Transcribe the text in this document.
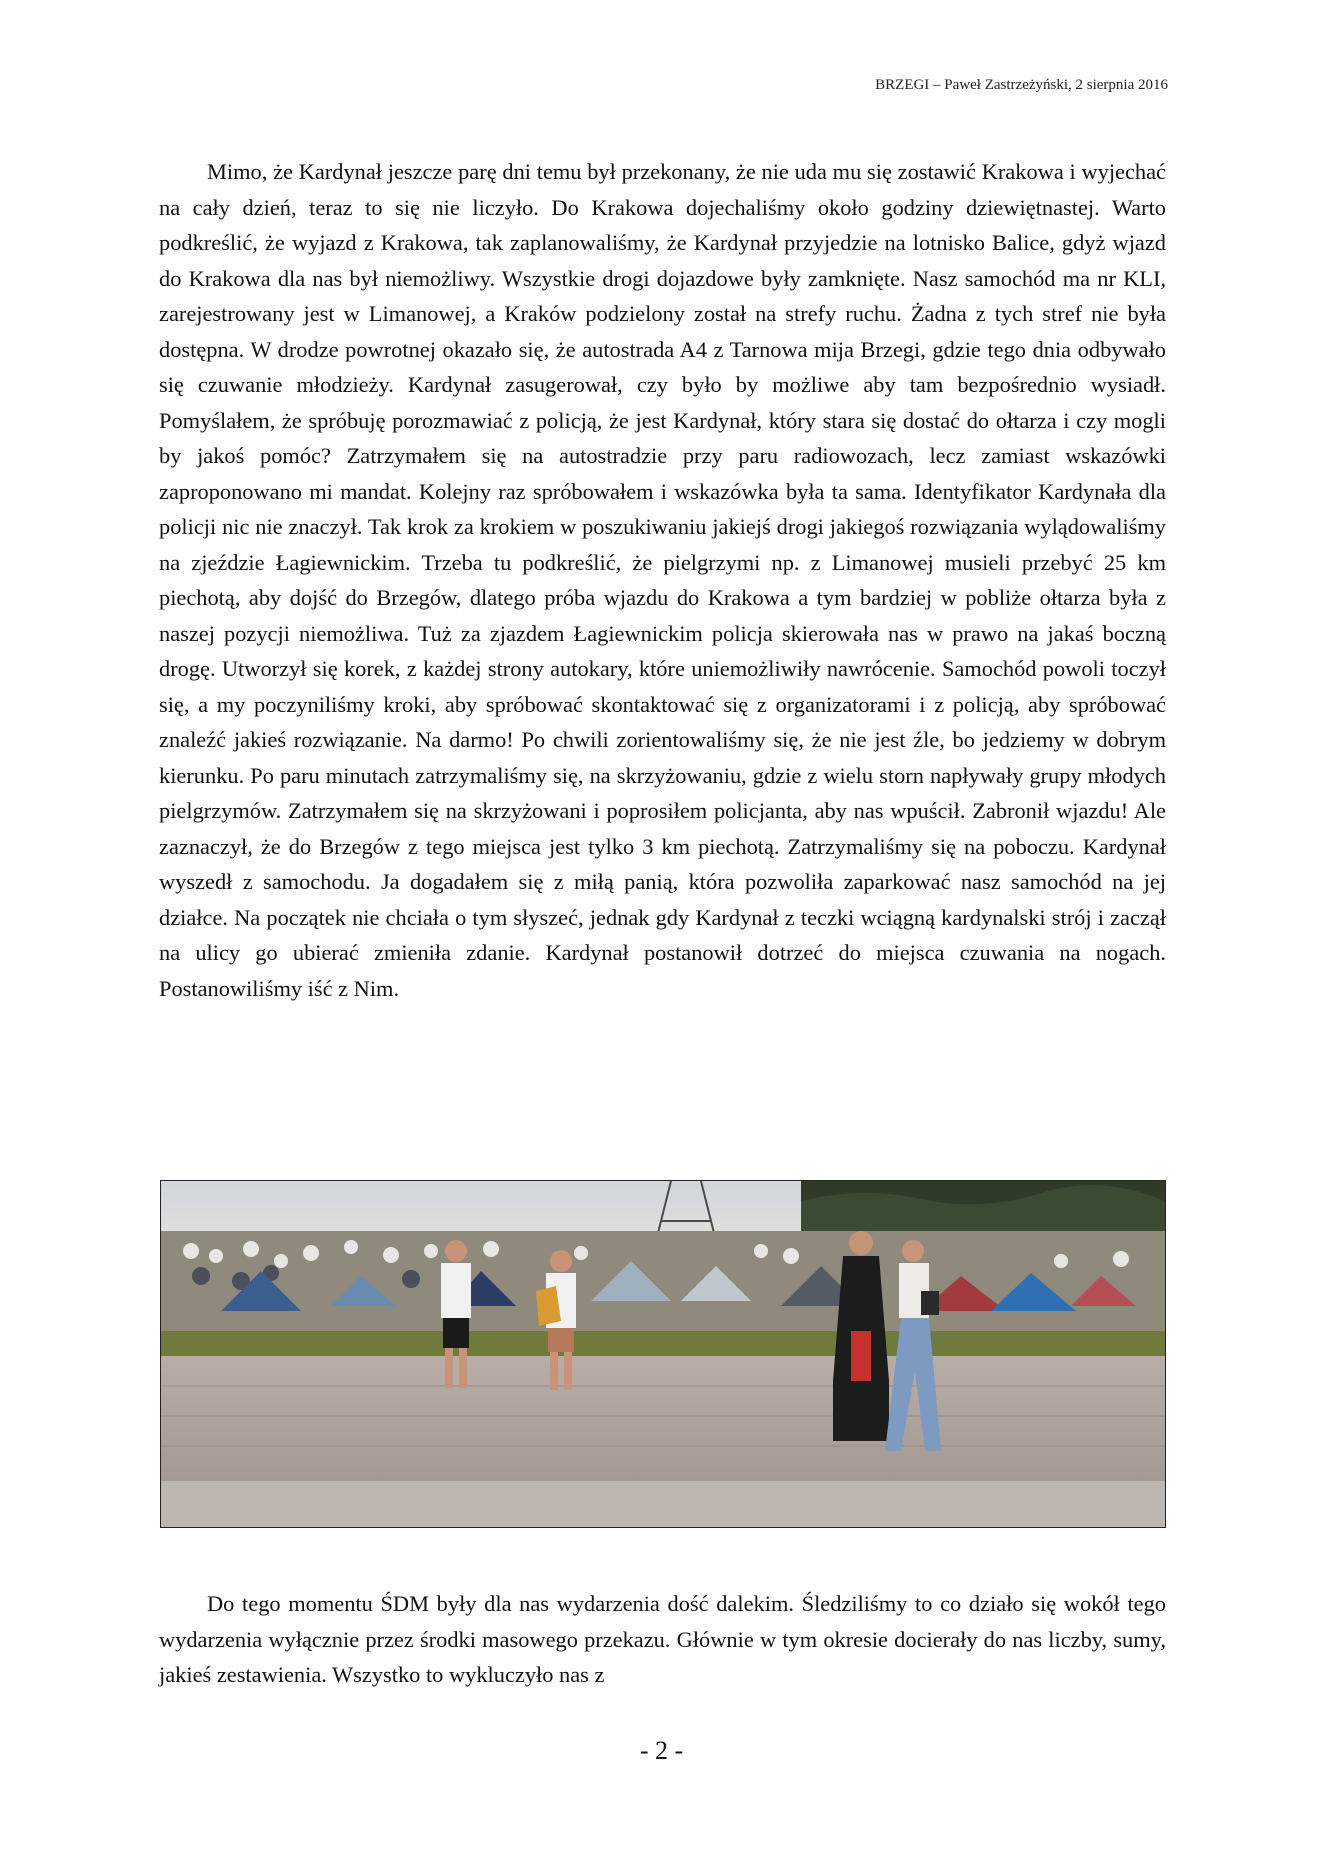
BRZEGI – Paweł Zastrzeżyński, 2 sierpnia 2016

Mimo, że Kardynał jeszcze parę dni temu był przekonany, że nie uda mu się zostawić Krakowa i wyjechać na cały dzień, teraz to się nie liczyło. Do Krakowa dojechaliśmy około godziny dziewiętnastej. Warto podkreślić, że wyjazd z Krakowa, tak zaplanowaliśmy, że Kardynał przyjedzie na lotnisko Balice, gdyż wjazd do Krakowa dla nas był niemożliwy. Wszystkie drogi dojazdowe były zamknięte. Nasz samochód ma nr KLI, zarejestrowany jest w Limanowej, a Kraków podzielony został na strefy ruchu. Żadna z tych stref nie była dostępna. W drodze powrotnej okazało się, że autostrada A4 z Tarnowa mija Brzegi, gdzie tego dnia odbywało się czuwanie młodzieży. Kardynał zasugerował, czy było by możliwe aby tam bezpośrednio wysiadł. Pomyślałem, że spróbuję porozmawiać z policją, że jest Kardynał, który stara się dostać do ołtarza i czy mogli by jakoś pomóc? Zatrzymałem się na autostradzie przy paru radiowozach, lecz zamiast wskazówki zaproponowano mi mandat. Kolejny raz spróbowałem i wskazówka była ta sama. Identyfikator Kardynała dla policji nic nie znaczył. Tak krok za krokiem w poszukiwaniu jakiejś drogi jakiegoś rozwiązania wylądowaliśmy na zjeździe Łagiewnickim. Trzeba tu podkreślić, że pielgrzymi np. z Limanowej musieli przebyć 25 km piechotą, aby dojść do Brzegów, dlatego próba wjazdu do Krakowa a tym bardziej w pobliże ołtarza była z naszej pozycji niemożliwa. Tuż za zjazdem Łagiewnickim policja skierowała nas w prawo na jakaś boczną drogę. Utworzył się korek, z każdej strony autokary, które uniemożliwiły nawrócenie. Samochód powoli toczył się, a my poczyniliśmy kroki, aby spróbować skontaktować się z organizatorami i z policją, aby spróbować znaleźć jakieś rozwiązanie. Na darmo! Po chwili zorientowaliśmy się, że nie jest źle, bo jedziemy w dobrym kierunku. Po paru minutach zatrzymaliśmy się, na skrzyżowaniu, gdzie z wielu storn napływały grupy młodych pielgrzymów. Zatrzymałem się na skrzyżowani i poprosiłem policjanta, aby nas wpuścił. Zabronił wjazdu! Ale zaznaczył, że do Brzegów z tego miejsca jest tylko 3 km piechotą. Zatrzymaliśmy się na poboczu. Kardynał wyszedł z samochodu. Ja dogadałem się z miłą panią, która pozwoliła zaparkować nasz samochód na jej działce. Na początek nie chciała o tym słyszeć, jednak gdy Kardynał z teczki wciągną kardynalski strój i zaczął na ulicy go ubierać zmieniła zdanie. Kardynał postanowił dotrzeć do miejsca czuwania na nogach. Postanowiliśmy iść z Nim.

Do tego momentu ŚDM były dla nas wydarzenia dość dalekim. Śledziliśmy to co działo się wokół tego wydarzenia wyłącznie przez środki masowego przekazu. Głównie w tym okresie docierały do nas liczby, sumy, jakieś zestawienia. Wszystko to wykluczyło nas z

- 2 -
